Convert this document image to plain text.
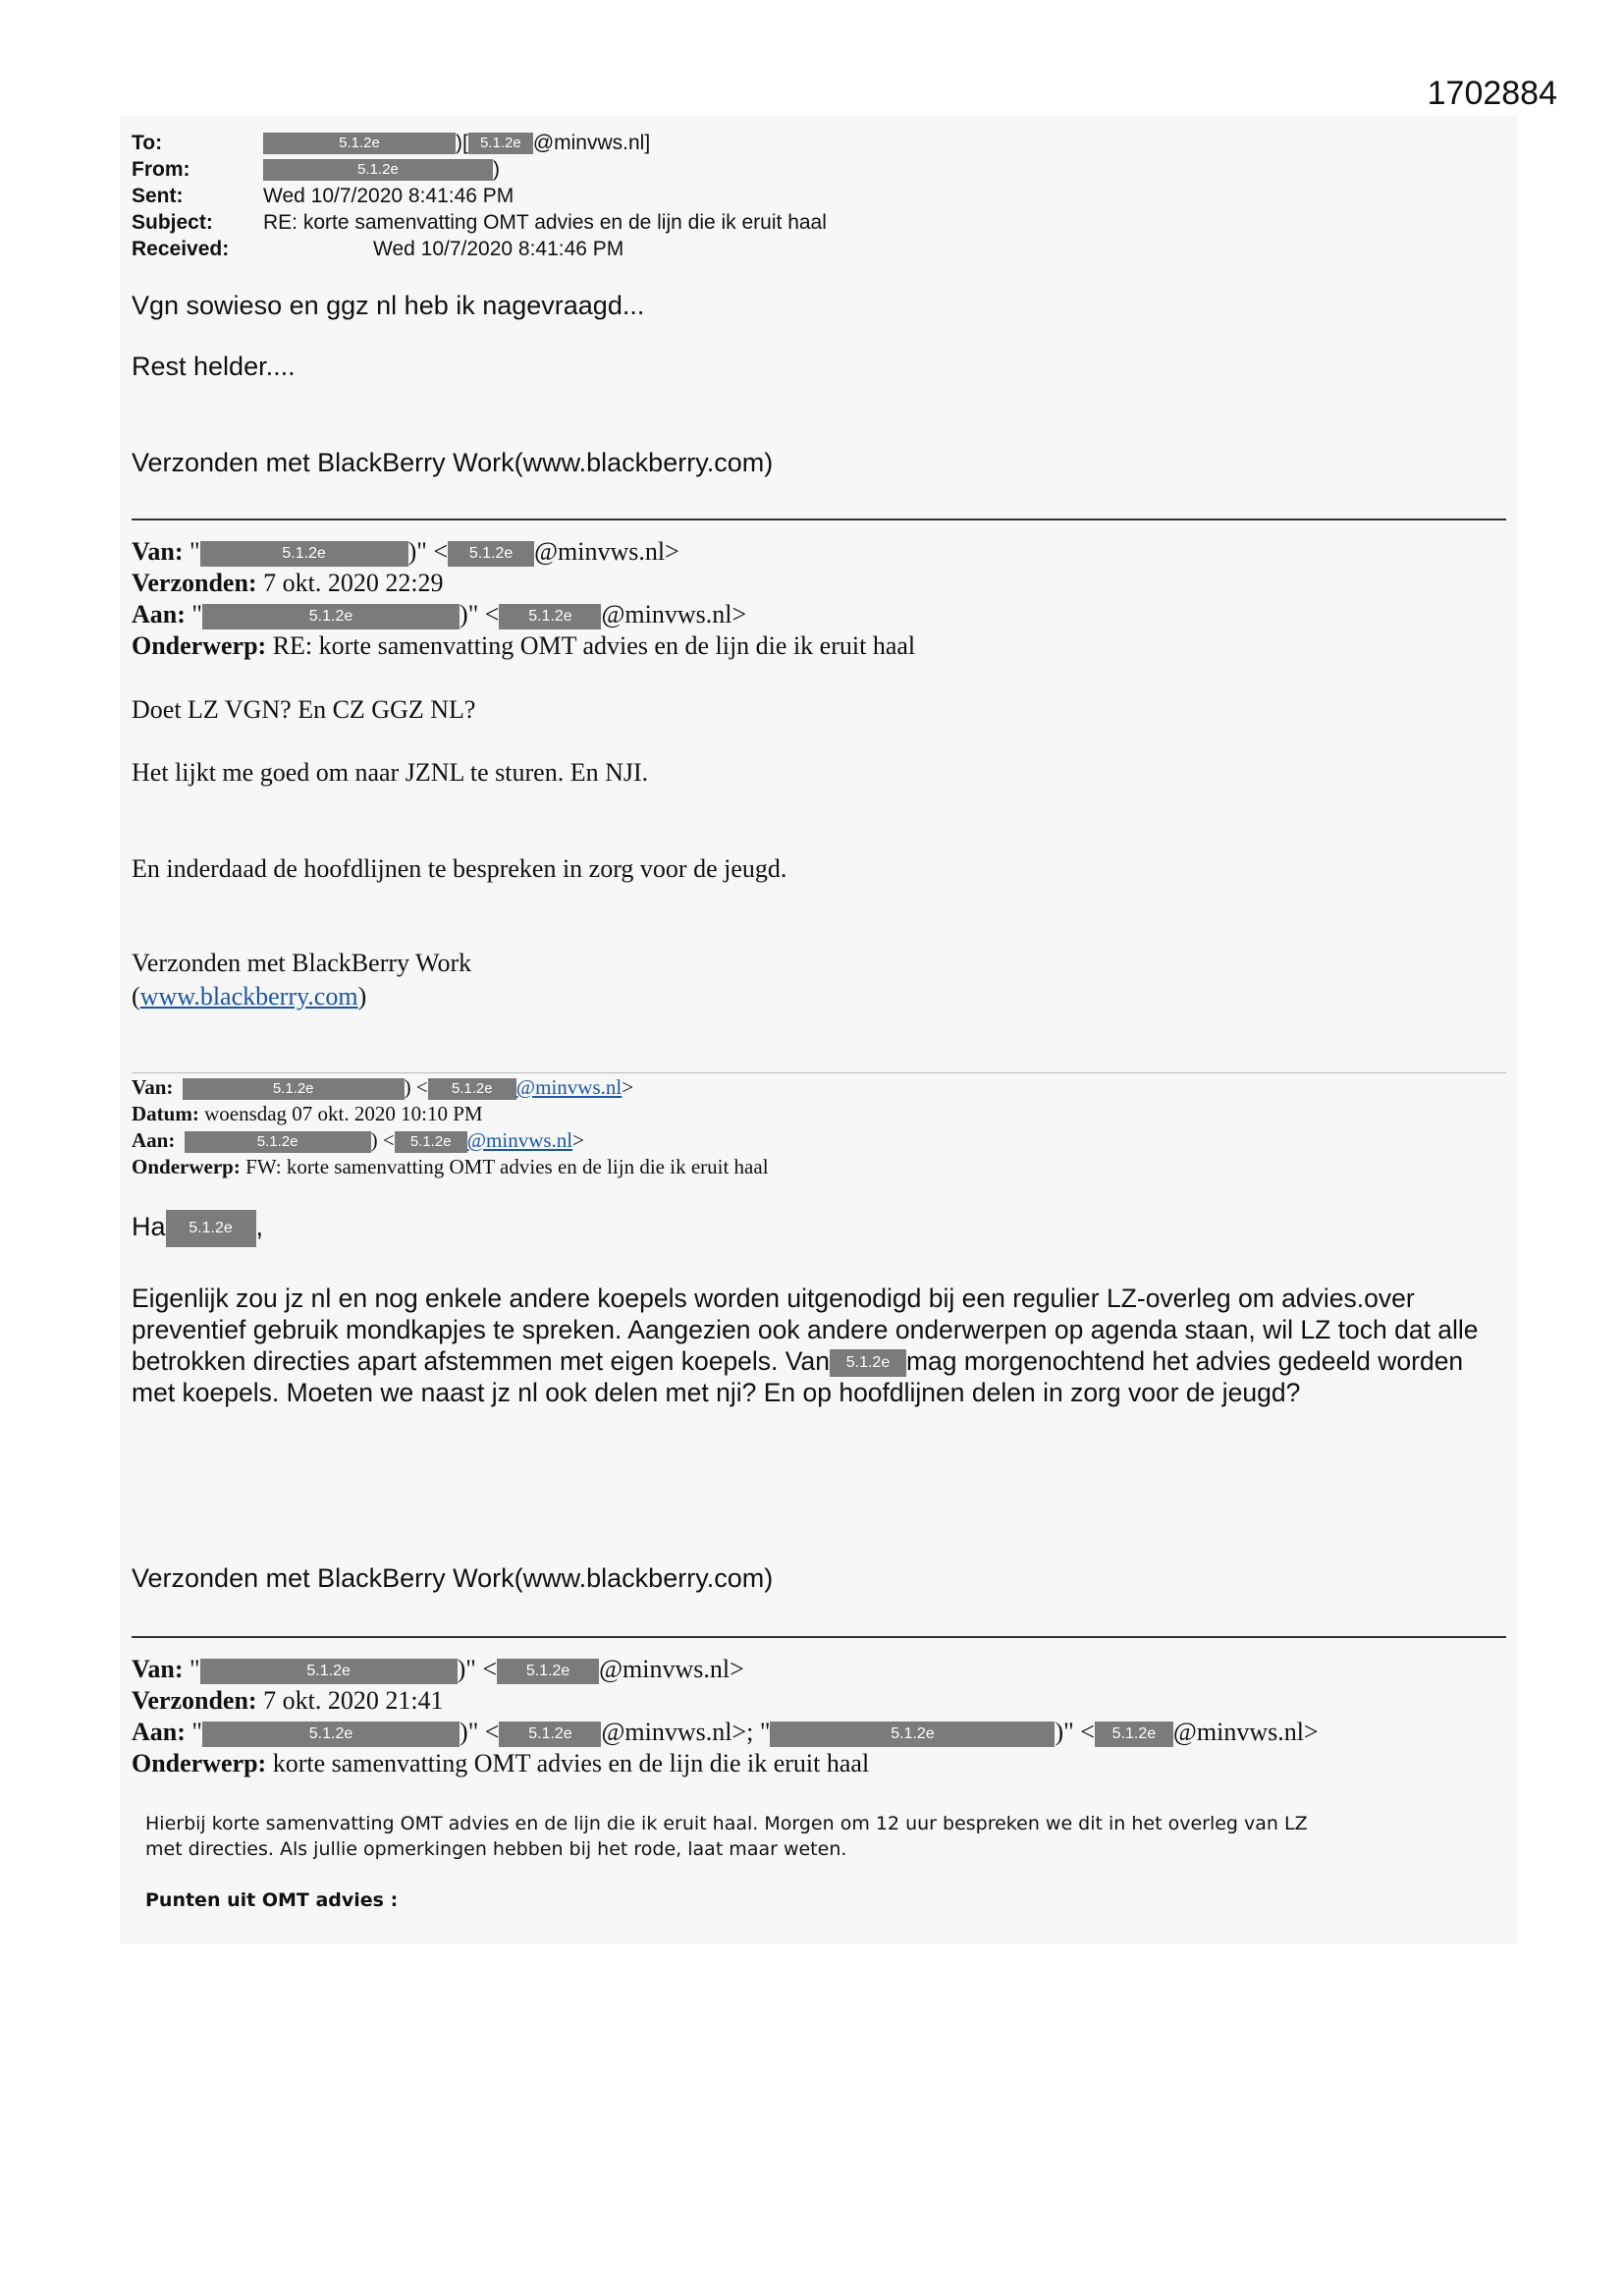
1702884
To:	5.1.2e	)[ 5.1.2e @minvws.nl]
From:	5.1.2e	)
Sent:	Wed 10/7/2020 8:41:46 PM
Subject:	RE: korte samenvatting OMT advies en de lijn die ik eruit haal
Received:	Wed 10/7/2020 8:41:46 PM
Vgn sowieso en ggz nl heb ik nagevraagd...
Rest helder....
Verzonden met BlackBerry Work(www.blackberry.com)
Van: "	5.1.2e	)" < 5.1.2e @minvws.nl>
Verzonden: 7 okt. 2020 22:29
Aan: "	5.1.2e	)" < 5.1.2e @minvws.nl>
Onderwerp: RE: korte samenvatting OMT advies en de lijn die ik eruit haal
Doet LZ VGN? En CZ GGZ NL?
Het lijkt me goed om naar JZNL te sturen. En NJI.
En inderdaad de hoofdlijnen te bespreken in zorg voor de jeugd.
Verzonden met BlackBerry Work
(www.blackberry.com)
Van:	5.1.2e	) < 5.1.2e @minvws.nl>
Datum: woensdag 07 okt. 2020 10:10 PM
Aan:	5.1.2e	) < 5.1.2e @minvws.nl>
Onderwerp: FW: korte samenvatting OMT advies en de lijn die ik eruit haal
Ha 5.1.2e ,
Eigenlijk zou jz nl en nog enkele andere koepels worden uitgenodigd bij een regulier LZ-overleg om advies.over preventief gebruik mondkapjes te spreken. Aangezien ook andere onderwerpen op agenda staan, wil LZ toch dat alle betrokken directies apart afstemmen met eigen koepels. Van 5.1.2e mag morgenochtend het advies gedeeld worden met koepels. Moeten we naast jz nl ook delen met nji? En op hoofdlijnen delen in zorg voor de jeugd?
Verzonden met BlackBerry Work(www.blackberry.com)
Van: "	5.1.2e	)" < 5.1.2e @minvws.nl>
Verzonden: 7 okt. 2020 21:41
Aan: "	5.1.2e	)" < 5.1.2e @minvws.nl>; "	5.1.2e	)" < 5.1.2e @minvws.nl>
Onderwerp: korte samenvatting OMT advies en de lijn die ik eruit haal
Hierbij korte samenvatting OMT advies en de lijn die ik eruit haal. Morgen om 12 uur bespreken we dit in het overleg van LZ
met directies. Als jullie opmerkingen hebben bij het rode, laat maar weten.
Punten uit OMT advies :
